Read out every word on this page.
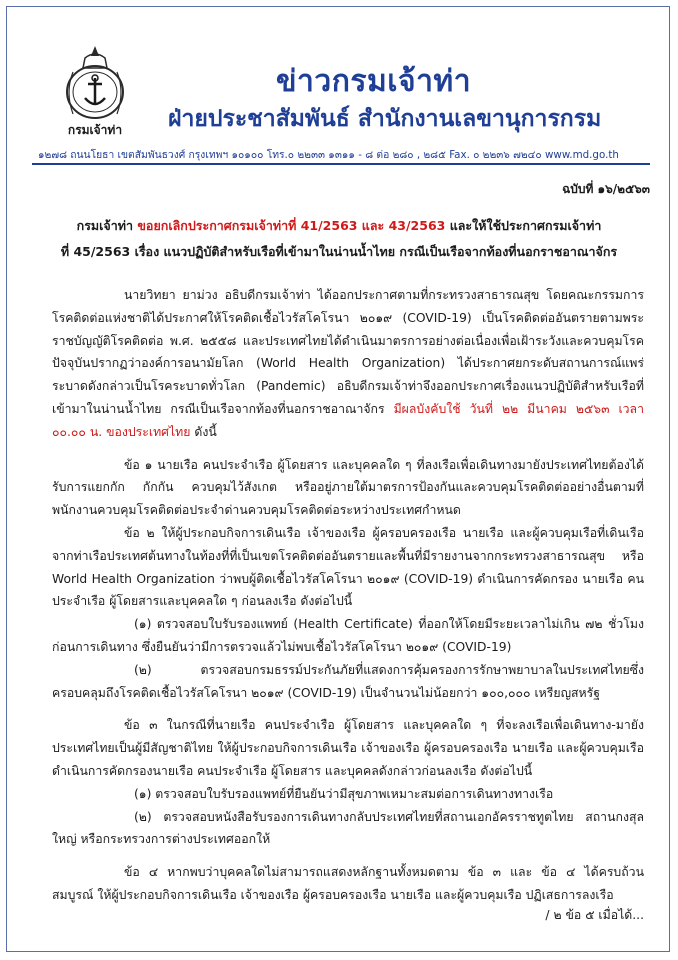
กรมเจ้าท่า
ข่าวกรมเจ้าท่า
ฝ่ายประชาสัมพันธ์ สำนักงานเลขานุการกรม
๑๒๗๘ ถนนโยธา เขตสัมพันธวงศ์ กรุงเทพฯ ๑๐๑๐๐ โทร.๐ ๒๒๓๓ ๑๓๑๑ - ๘ ต่อ ๒๘๐ , ๒๘๕ Fax. ๐ ๒๒๓๖ ๗๒๔๐ www.md.go.th
ฉบับที่ ๑๖/๒๕๖๓
กรมเจ้าท่า ขอยกเลิกประกาศกรมเจ้าท่าที่ 41/2563 และ 43/2563 และให้ใช้ประกาศกรมเจ้าท่า
ที่ 45/2563 เรื่อง แนวปฏิบัติสำหรับเรือที่เข้ามาในน่านน้ำไทย กรณีเป็นเรือจากท้องที่นอกราชอาณาจักร

นายวิทยา ยาม่วง อธิบดีกรมเจ้าท่า ได้ออกประกาศตามที่กระทรวงสาธารณสุข โดยคณะกรรมการโรคติดต่อแห่งชาติได้ประกาศให้โรคติดเชื้อไวรัสโคโรนา ๒๐๑๙ (COVID-19) เป็นโรคติดต่ออันตรายตามพระราชบัญญัติโรคติดต่อ พ.ศ. ๒๕๕๘ และประเทศไทยได้ดำเนินมาตรการอย่างต่อเนื่องเพื่อเฝ้าระวังและควบคุมโรค ปัจจุบันปรากฏว่าองค์การอนามัยโลก (World Health Organization) ได้ประกาศยกระดับสถานการณ์แพร่ระบาดดังกล่าวเป็นโรคระบาดทั่วโลก (Pandemic) อธิบดีกรมเจ้าท่าจึงออกประกาศเรื่องแนวปฏิบัติสำหรับเรือที่เข้ามาในน่านน้ำไทย กรณีเป็นเรือจากท้องที่นอกราชอาณาจักร มีผลบังคับใช้ วันที่ ๒๒ มีนาคม ๒๕๖๓ เวลา ๐๐.๐๐ น. ของประเทศไทย ดังนี้

ข้อ ๑ นายเรือ คนประจำเรือ ผู้โดยสาร และบุคคลใด ๆ ที่ลงเรือเพื่อเดินทางมายังประเทศไทยต้องได้รับการแยกกัก กักกัน ควบคุมไว้สังเกต หรืออยู่ภายใต้มาตรการป้องกันและควบคุมโรคติดต่ออย่างอื่นตามที่พนักงานควบคุมโรคติดต่อประจำด่านควบคุมโรคติดต่อระหว่างประเทศกำหนด

ข้อ ๒ ให้ผู้ประกอบกิจการเดินเรือ เจ้าของเรือ ผู้ครอบครองเรือ นายเรือ และผู้ควบคุมเรือที่เดินเรือจากท่าเรือประเทศต้นทางในท้องที่ที่เป็นเขตโรคติดต่ออันตรายและพื้นที่มีรายงานจากกระทรวงสาธารณสุข หรือ World Health Organization ว่าพบผู้ติดเชื้อไวรัสโคโรนา ๒๐๑๙ (COVID-19) ดำเนินการคัดกรอง นายเรือ คนประจำเรือ ผู้โดยสารและบุคคลใด ๆ ก่อนลงเรือ ดังต่อไปนี้

(๑) ตรวจสอบใบรับรองแพทย์ (Health Certificate) ที่ออกให้โดยมีระยะเวลาไม่เกิน ๗๒ ชั่วโมงก่อนการเดินทาง ซึ่งยืนยันว่ามีการตรวจแล้วไม่พบเชื้อไวรัสโคโรนา ๒๐๑๙ (COVID-19)

(๒) ตรวจสอบกรมธรรม์ประกันภัยที่แสดงการคุ้มครองการรักษาพยาบาลในประเทศไทยซึ่งครอบคลุมถึงโรคติดเชื้อไวรัสโคโรนา ๒๐๑๙ (COVID-19) เป็นจำนวนไม่น้อยกว่า ๑๐๐,๐๐๐ เหรียญสหรัฐ

ข้อ ๓ ในกรณีที่นายเรือ คนประจำเรือ ผู้โดยสาร และบุคคลใด ๆ ที่จะลงเรือเพื่อเดินทาง-มายังประเทศไทยเป็นผู้มีสัญชาติไทย ให้ผู้ประกอบกิจการเดินเรือ เจ้าของเรือ ผู้ครอบครองเรือ นายเรือ และผู้ควบคุมเรือ ดำเนินการคัดกรองนายเรือ คนประจำเรือ ผู้โดยสาร และบุคคลดังกล่าวก่อนลงเรือ ดังต่อไปนี้

(๑) ตรวจสอบใบรับรองแพทย์ที่ยืนยันว่ามีสุขภาพเหมาะสมต่อการเดินทางทางเรือ

(๒) ตรวจสอบหนังสือรับรองการเดินทางกลับประเทศไทยที่สถานเอกอัครราชทูตไทย สถานกงสุลใหญ่ หรือกระทรวงการต่างประเทศออกให้

ข้อ ๔ หากพบว่าบุคคลใดไม่สามารถแสดงหลักฐานทั้งหมดตาม ข้อ ๓ และ ข้อ ๔ ได้ครบถ้วนสมบูรณ์ ให้ผู้ประกอบกิจการเดินเรือ เจ้าของเรือ ผู้ครอบครองเรือ นายเรือ และผู้ควบคุมเรือ ปฏิเสธการลงเรือ

/ ๒ ข้อ ๕ เมื่อได้...
